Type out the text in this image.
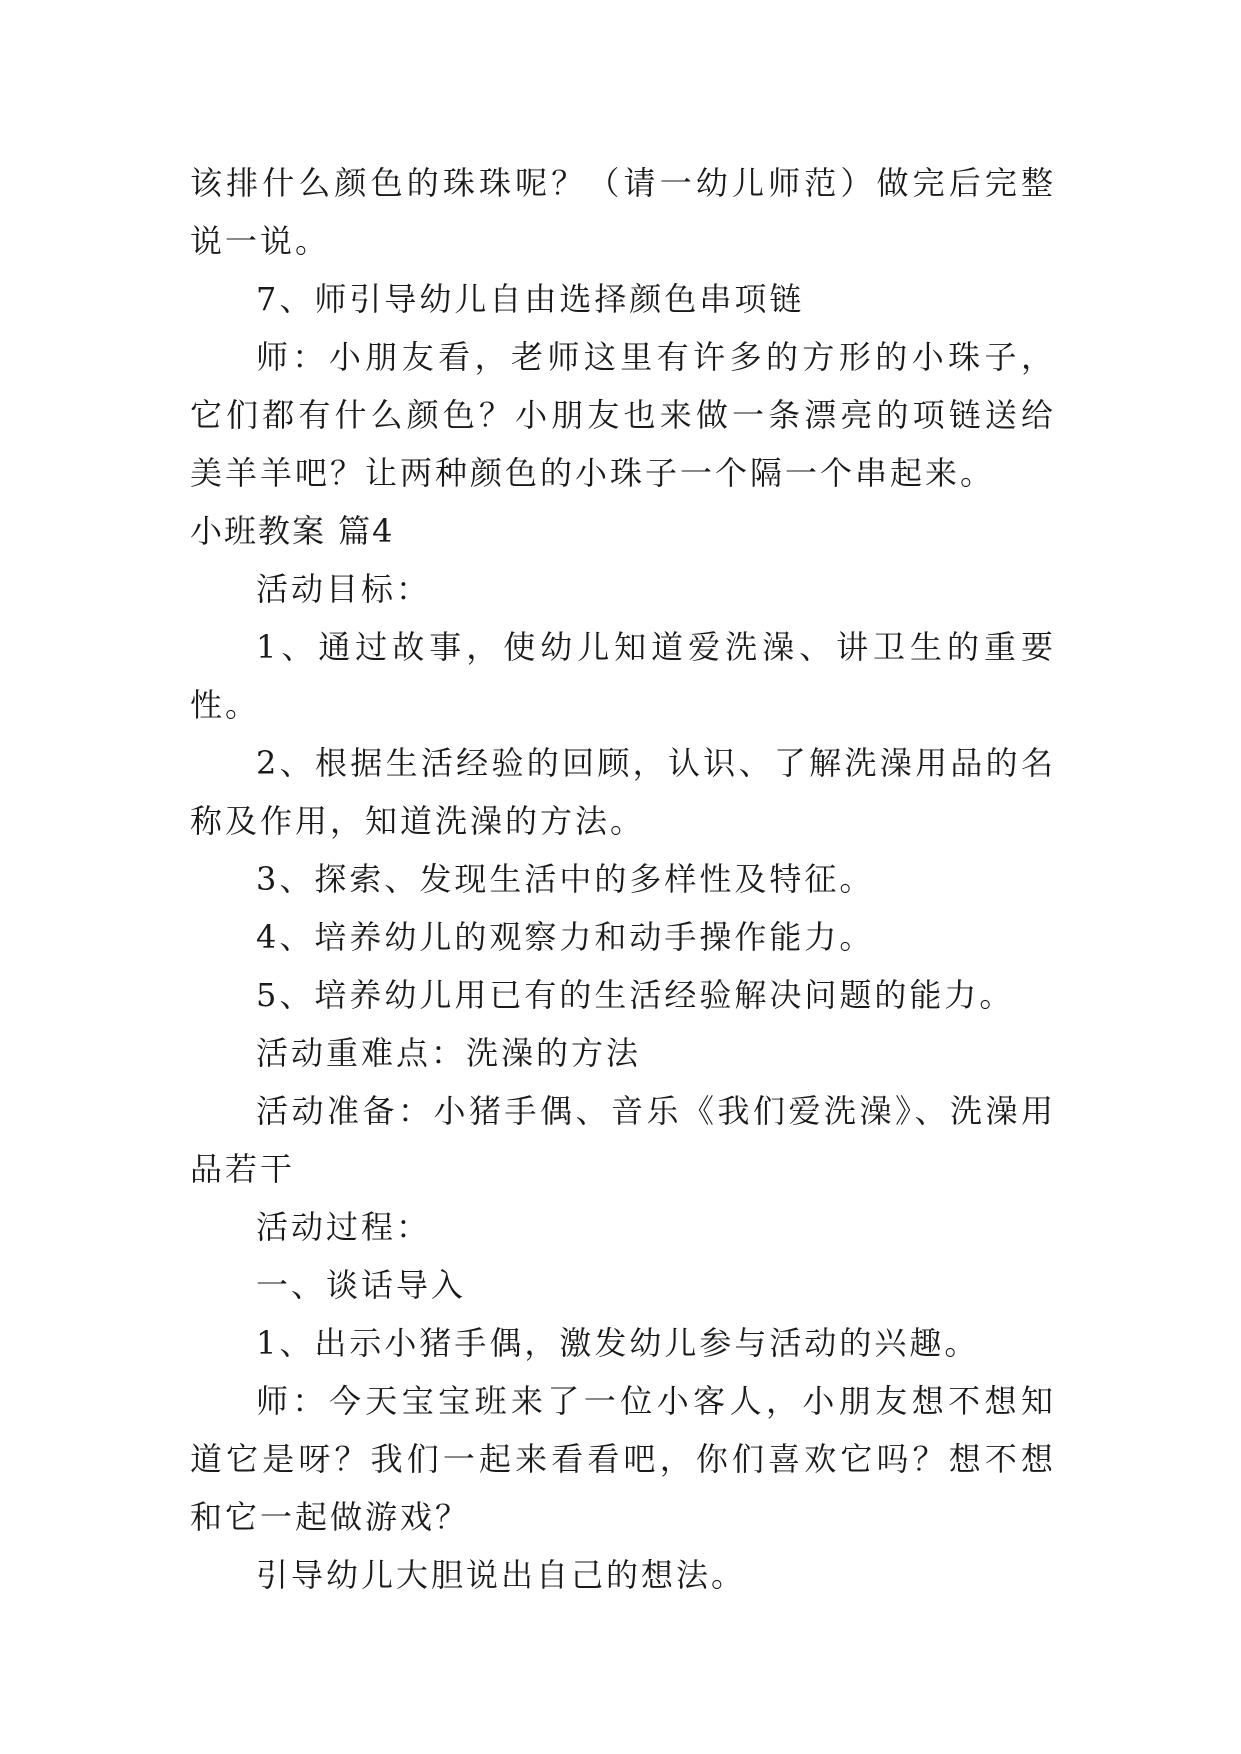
该排什么颜色的珠珠呢？（请一幼儿师范）做完后完整说一说。

7、师引导幼儿自由选择颜色串项链

师：小朋友看，老师这里有许多的方形的小珠子，它们都有什么颜色？小朋友也来做一条漂亮的项链送给美羊羊吧？让两种颜色的小珠子一个隔一个串起来。

小班教案 篇4

活动目标：

1、通过故事，使幼儿知道爱洗澡、讲卫生的重要性。

2、根据生活经验的回顾，认识、了解洗澡用品的名称及作用，知道洗澡的方法。

3、探索、发现生活中的多样性及特征。

4、培养幼儿的观察力和动手操作能力。

5、培养幼儿用已有的生活经验解决问题的能力。

活动重难点：洗澡的方法

活动准备：小猪手偶、音乐《我们爱洗澡》、洗澡用品若干

活动过程：

一、谈话导入

1、出示小猪手偶，激发幼儿参与活动的兴趣。

师：今天宝宝班来了一位小客人，小朋友想不想知道它是呀？我们一起来看看吧，你们喜欢它吗？想不想和它一起做游戏？

引导幼儿大胆说出自己的想法。
